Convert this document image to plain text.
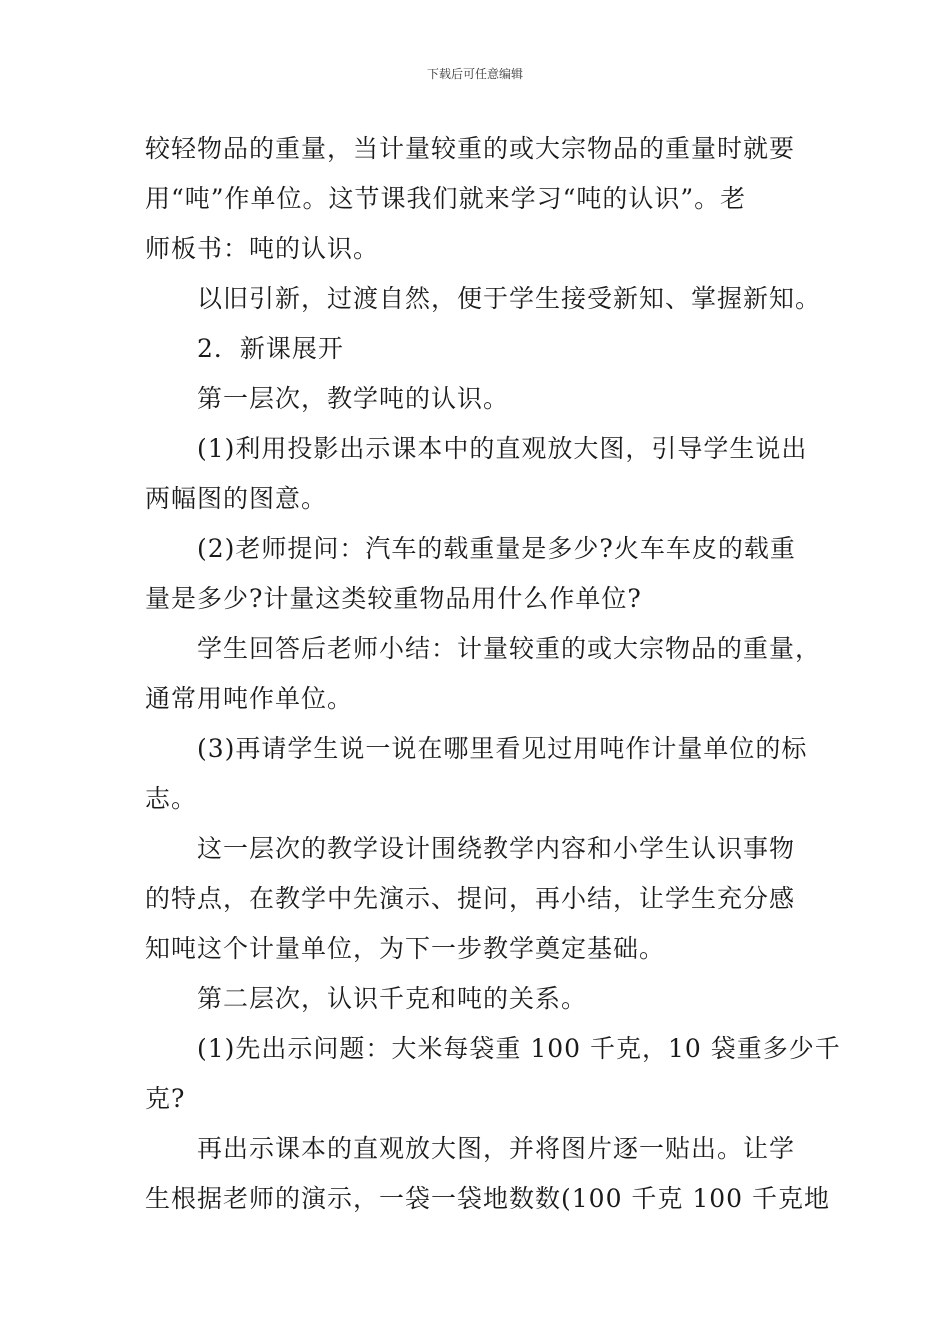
下载后可任意编辑
较轻物品的重量，当计量较重的或大宗物品的重量时就要
用“吨”作单位。这节课我们就来学习“吨的认识”。老
师板书：吨的认识。
以旧引新，过渡自然，便于学生接受新知、掌握新知。
2．新课展开
第一层次，教学吨的认识。
(1)利用投影出示课本中的直观放大图，引导学生说出
两幅图的图意。
(2)老师提问：汽车的载重量是多少?火车车皮的载重
量是多少?计量这类较重物品用什么作单位?
学生回答后老师小结：计量较重的或大宗物品的重量，
通常用吨作单位。
(3)再请学生说一说在哪里看见过用吨作计量单位的标
志。
这一层次的教学设计围绕教学内容和小学生认识事物
的特点，在教学中先演示、提问，再小结，让学生充分感
知吨这个计量单位，为下一步教学奠定基础。
第二层次，认识千克和吨的关系。
(1)先出示问题：大米每袋重 100 千克，10 袋重多少千
克?
再出示课本的直观放大图，并将图片逐一贴出。让学
生根据老师的演示，一袋一袋地数数(100 千克 100 千克地
